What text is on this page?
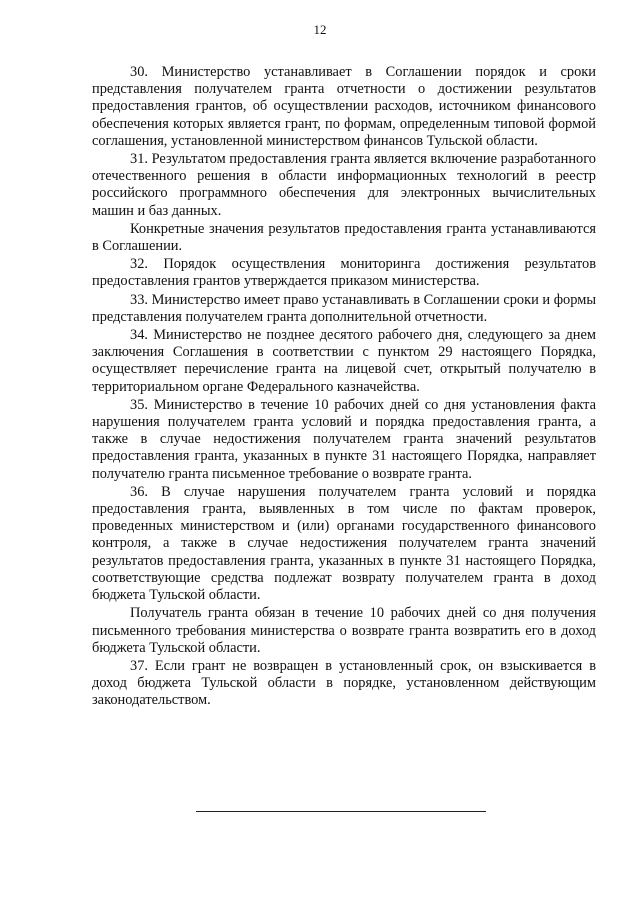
12

30. Министерство устанавливает в Соглашении порядок и сроки представления получателем гранта отчетности о достижении результатов предоставления грантов, об осуществлении расходов, источником финансового обеспечения которых является грант, по формам, определенным типовой формой соглашения, установленной министерством финансов Тульской области.

31. Результатом предоставления гранта является включение разработанного отечественного решения в области информационных технологий в реестр российского программного обеспечения для электронных вычислительных машин и баз данных.

Конкретные значения результатов предоставления гранта устанавливаются в Соглашении.

32. Порядок осуществления мониторинга достижения результатов предоставления грантов утверждается приказом министерства.

33. Министерство имеет право устанавливать в Соглашении сроки и формы представления получателем гранта дополнительной отчетности.

34. Министерство не позднее десятого рабочего дня, следующего за днем заключения Соглашения в соответствии с пунктом 29 настоящего Порядка, осуществляет перечисление гранта на лицевой счет, открытый получателю в территориальном органе Федерального казначейства.

35. Министерство в течение 10 рабочих дней со дня установления факта нарушения получателем гранта условий и порядка предоставления гранта, а также в случае недостижения получателем гранта значений результатов предоставления гранта, указанных в пункте 31 настоящего Порядка, направляет получателю гранта письменное требование о возврате гранта.

36. В случае нарушения получателем гранта условий и порядка предоставления гранта, выявленных в том числе по фактам проверок, проведенных министерством и (или) органами государственного финансового контроля, а также в случае недостижения получателем гранта значений результатов предоставления гранта, указанных в пункте 31 настоящего Порядка, соответствующие средства подлежат возврату получателем гранта в доход бюджета Тульской области.

Получатель гранта обязан в течение 10 рабочих дней со дня получения письменного требования министерства о возврате гранта возвратить его в доход бюджета Тульской области.

37. Если грант не возвращен в установленный срок, он взыскивается в доход бюджета Тульской области в порядке, установленном действующим законодательством.
